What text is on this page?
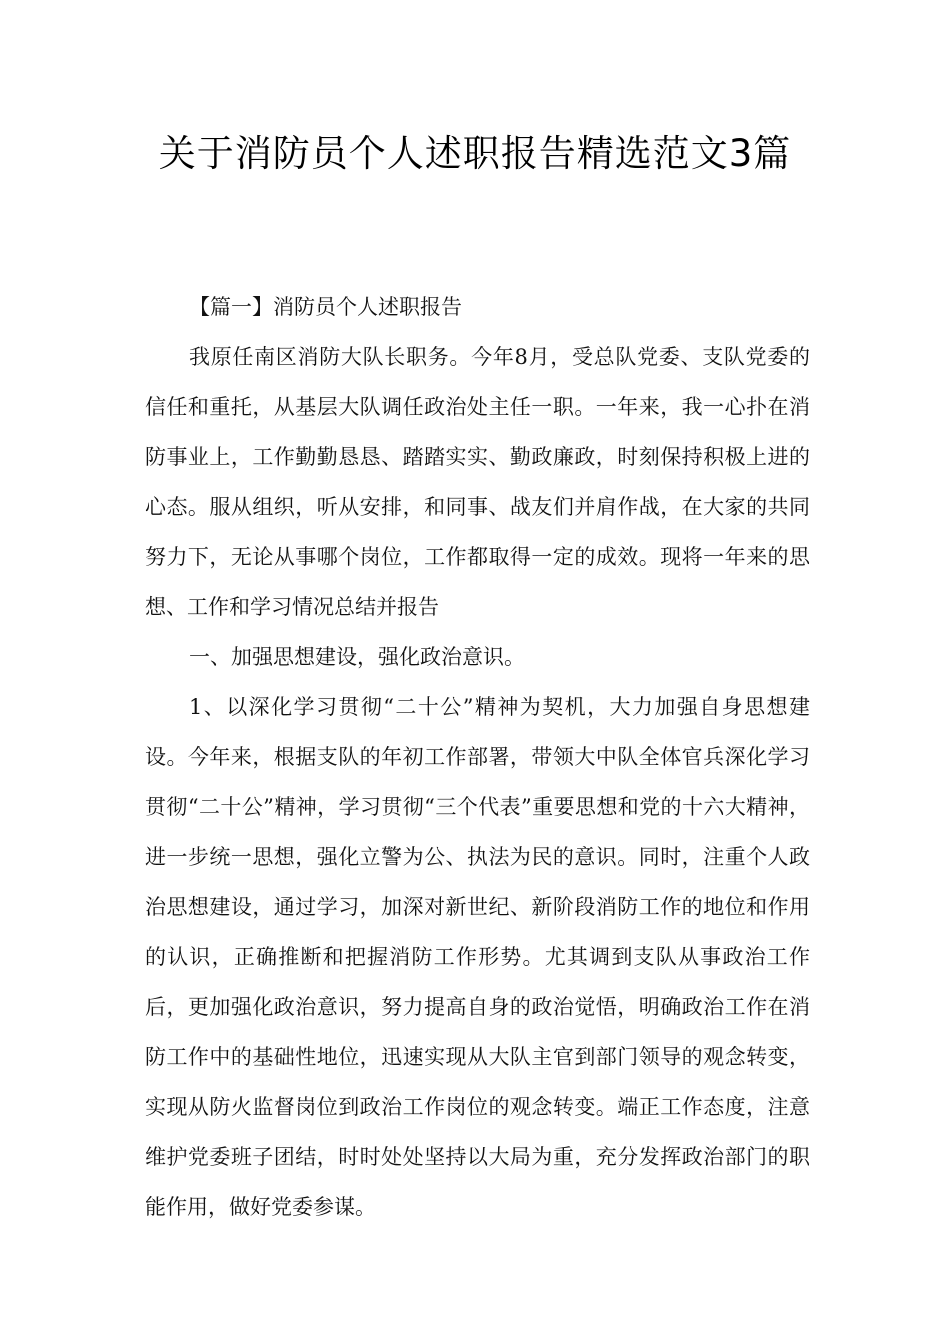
关于消防员个人述职报告精选范文3篇

【篇一】消防员个人述职报告

我原任南区消防大队长职务。今年8月，受总队党委、支队党委的信任和重托，从基层大队调任政治处主任一职。一年来，我一心扑在消防事业上，工作勤勤恳恳、踏踏实实、勤政廉政，时刻保持积极上进的心态。服从组织，听从安排，和同事、战友们并肩作战，在大家的共同努力下，无论从事哪个岗位，工作都取得一定的成效。现将一年来的思想、工作和学习情况总结并报告

一、加强思想建设，强化政治意识。

1、以深化学习贯彻“二十公”精神为契机，大力加强自身思想建设。今年来，根据支队的年初工作部署，带领大中队全体官兵深化学习贯彻“二十公”精神，学习贯彻“三个代表”重要思想和党的十六大精神，进一步统一思想，强化立警为公、执法为民的意识。同时，注重个人政治思想建设，通过学习，加深对新世纪、新阶段消防工作的地位和作用的认识，正确推断和把握消防工作形势。尤其调到支队从事政治工作后，更加强化政治意识，努力提高自身的政治觉悟，明确政治工作在消防工作中的基础性地位，迅速实现从大队主官到部门领导的观念转变，实现从防火监督岗位到政治工作岗位的观念转变。端正工作态度，注意维护党委班子团结，时时处处坚持以大局为重，充分发挥政治部门的职能作用，做好党委参谋。
